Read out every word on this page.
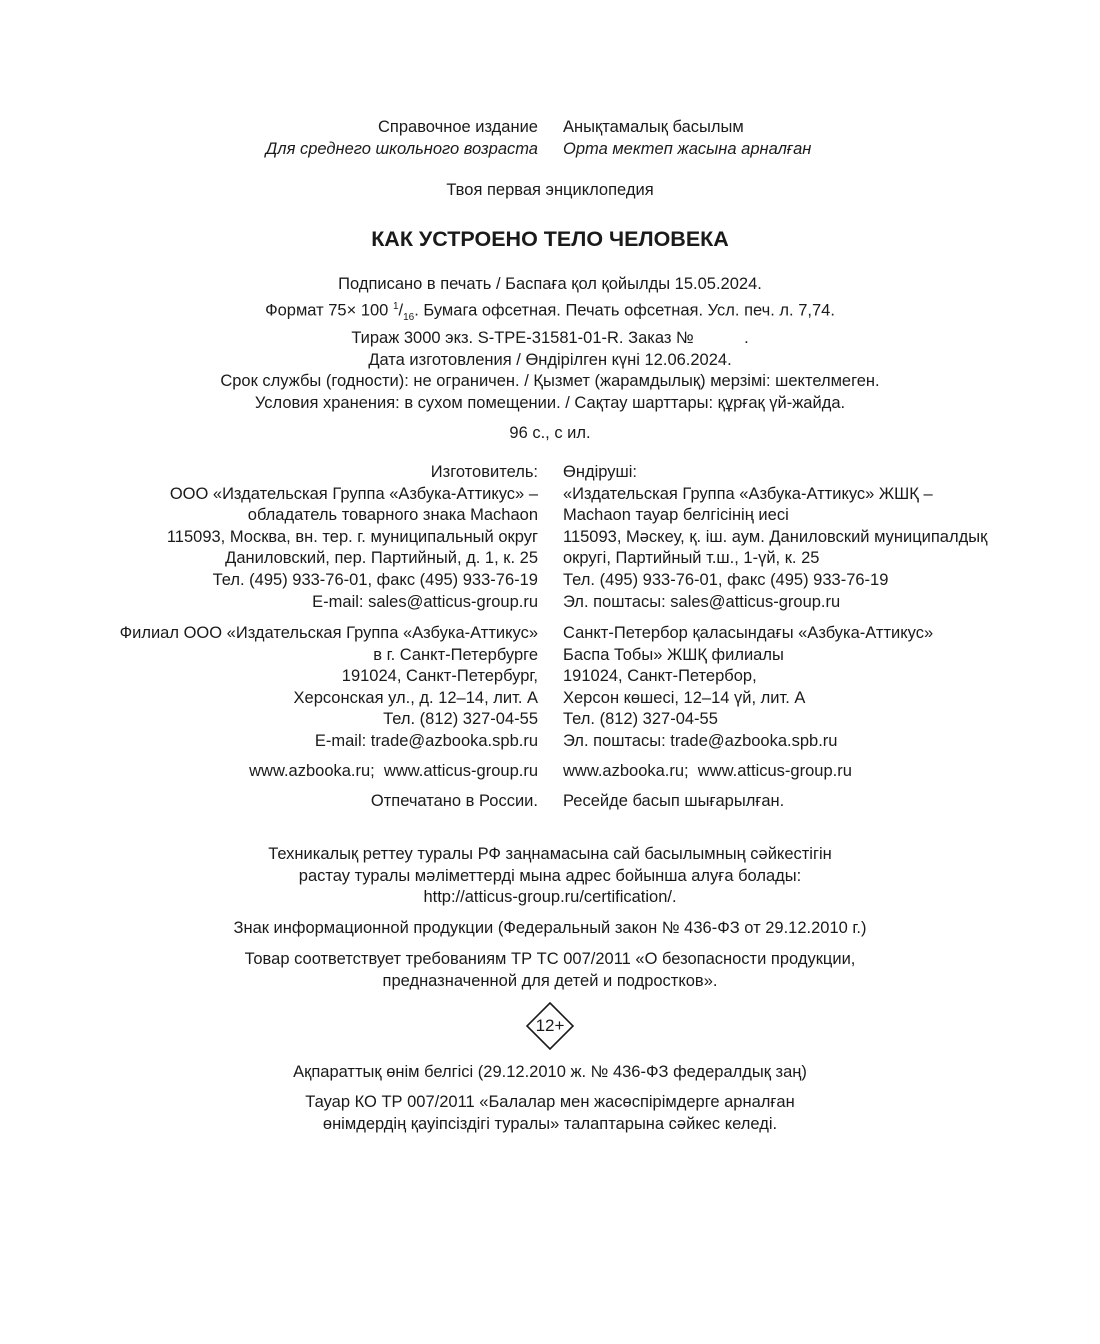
Справочное издание
Для среднего школьного возраста
Анықтамалық басылым
Орта мектеп жасына арналған
Твоя первая энциклопедия
КАК УСТРОЕНО ТЕЛО ЧЕЛОВЕКА
Подписано в печать / Баспаға қол қойылды 15.05.2024.
Формат 75× 100 $^1/_{16}$. Бумага офсетная. Печать офсетная. Усл. печ. л. 7,74.
Тираж 3000 экз. S-TPE-31581-01-R. Заказ №           .
Дата изготовления / Өндірілген күні 12.06.2024.
Срок службы (годности): не ограничен. / Қызмет (жарамдылық) мерзімі: шектелмеген.
Условия хранения: в сухом помещении. / Сақтау шарттары: құрғақ үй-жайда.
96 с., с ил.
Изготовитель:
ООО «Издательская Группа «Азбука-Аттикус» –
обладатель товарного знака Machaon
115093, Москва, вн. тер. г. муниципальный округ
Даниловский, пер. Партийный, д. 1, к. 25
Тел. (495) 933-76-01, факс (495) 933-76-19
E-mail: sales@atticus-group.ru
Өндіруші:
«Издательская Группа «Азбука-Аттикус» ЖШҚ –
Machaon тауар белгісінің иесі
115093, Мәскеу, қ. іш. аум. Даниловский муниципалдық
округі, Партийный т.ш., 1-үй, к. 25
Тел. (495) 933-76-01, факс (495) 933-76-19
Эл. поштасы: sales@atticus-group.ru
Филиал ООО «Издательская Группа «Азбука-Аттикус»
в г. Санкт-Петербурге
191024, Санкт-Петербург,
Херсонская ул., д. 12–14, лит. А
Тел. (812) 327-04-55
E-mail: trade@azbooka.spb.ru
Санкт-Петербор қаласындағы «Азбука-Аттикус»
Баспа Тобы» ЖШҚ филиалы
191024, Санкт-Петербор,
Херсон көшесі, 12–14 үй, лит. А
Тел. (812) 327-04-55
Эл. поштасы: trade@azbooka.spb.ru
www.azbooka.ru;  www.atticus-group.ru www.azbooka.ru;  www.atticus-group.ru
Отпечатано в России. Ресейде басып шығарылған.
Техникалық реттеу туралы РФ заңнамасына сай басылымның сәйкестігін
растау туралы мәліметтерді мына адрес бойынша алуға болады:
http://atticus-group.ru/certification/.
Знак информационной продукции (Федеральный закон № 436-ФЗ от 29.12.2010 г.)
Товар соответствует требованиям ТР ТС 007/2011 «О безопасности продукции,
предназначенной для детей и подростков».
12+
Ақпараттық өнім белгісі (29.12.2010 ж. № 436-ФЗ федералдық заң)
Тауар КО ТР 007/2011 «Балалар мен жасөспірімдерге арналған
өнімдердің қауіпсіздігі туралы» талаптарына сәйкес келеді.
